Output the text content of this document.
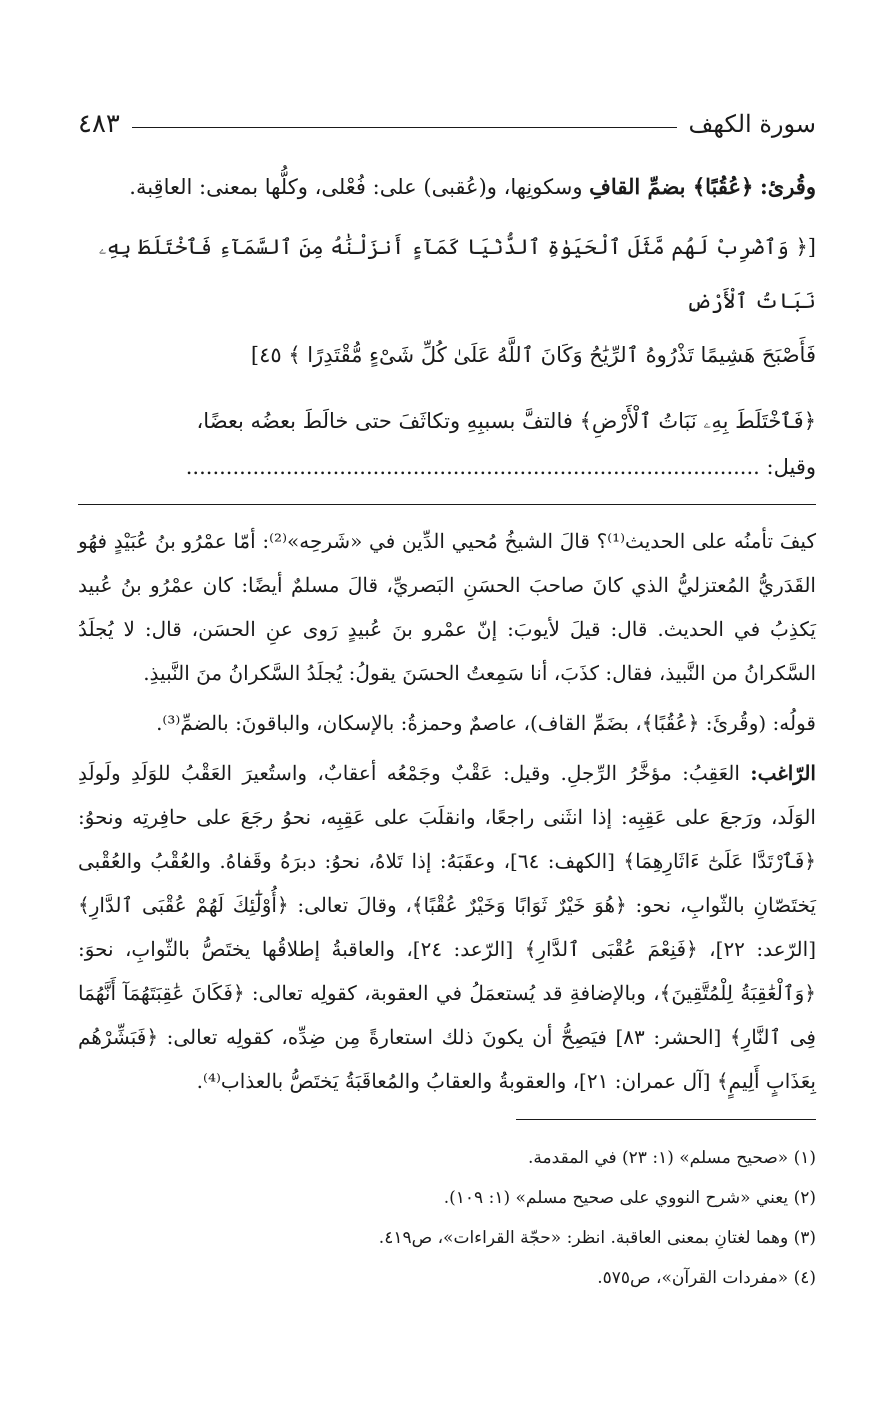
سورة الكهف
٤٨٣

وقُرئ: ﴿عُقُبًا﴾ بضمِّ القافِ وسكونِها، و(عُقبى) على: فُعْلى، وكلُّها بمعنى: العاقِبة.

[﴿ وَٱضْرِبْ لَهُم مَّثَلَ ٱلْحَيَوٰةِ ٱلدُّنْيَا كَمَآءٍ أَنزَلْنَٰهُ مِنَ ٱلسَّمَآءِ فَٱخْتَلَطَ بِهِۦ نَبَاتُ ٱلْأَرْضِ

فَأَصْبَحَ هَشِيمًا تَذْرُوهُ ٱلرِّيَٰحُ وَكَانَ ٱللَّهُ عَلَىٰ كُلِّ شَىْءٍ مُّقْتَدِرًا ﴾ ٤٥]

﴿فَٱخْتَلَطَ بِهِۦ نَبَاتُ ٱلْأَرْضِ﴾ فالتفَّ بسببِهِ وتكاثَفَ حتى خالَطَ بعضُه بعضًا،

وقيل: ......................................................................................

كيفَ تأمنُه على الحديث⁽¹⁾؟ قالَ الشيخُ مُحيي الدِّين في «شَرحِه»⁽²⁾: أمّا عمْرُو بنُ عُبَيْدٍ فهُو القَدَريُّ المُعتزليُّ الذي كانَ صاحبَ الحسَنِ البَصريِّ، قالَ مسلمٌ أيضًا: كان عمْرُو بنُ عُبيد يَكذِبُ في الحديث. قال: قيلَ لأيوبَ: إنّ عمْرو بنَ عُبيدٍ رَوى عنِ الحسَن، قال: لا يُجلَدُ السَّكرانُ من النَّبيذ، فقال: كذَبَ، أنا سَمِعتُ الحسَنَ يقولُ: يُجلَدُ السَّكرانُ منَ النَّبيذِ.

قولُه: (وقُرئَ: ﴿عُقُبًا﴾، بضَمِّ القاف)، عاصمٌ وحمزةُ: بالإسكان، والباقونَ: بالضمِّ⁽³⁾.

الرّاغب: العَقِبُ: مؤخَّرُ الرِّجلِ. وقيل: عَقْبٌ وجَمْعُه أعقابٌ، واستُعيرَ العَقْبُ للوَلَدِ ولَولَدِ الوَلَد، ورَجعَ على عَقِبِه: إذا انثَنى راجعًا، وانقلَبَ على عَقِبِه، نحوُ رجَعَ على حافِرتِه ونحوُ: ﴿فَٱرْتَدَّا عَلَىٰٓ ءَاثَارِهِمَا﴾ [الكهف: ٦٤]، وعقَبَهُ: إذا تَلاهُ، نحوُ: دبرَهُ وقَفاهُ. والعُقْبُ والعُقْبى يَختَصّانِ بالثّوابِ، نحو: ﴿هُوَ خَيْرٌ ثَوَابًا وَخَيْرٌ عُقْبًا﴾، وقالَ تعالى: ﴿أُوْلَٰٓئِكَ لَهُمْ عُقْبَى ٱلدَّارِ﴾ [الرّعد: ٢٢]، ﴿فَنِعْمَ عُقْبَى ٱلدَّارِ﴾ [الرّعد: ٢٤]، والعاقبةُ إطلاقُها يختَصُّ بالثّوابِ، نحوَ: ﴿وَٱلْعَٰقِبَةُ لِلْمُتَّقِينَ﴾، وبالإضافةِ قد يُستعمَلُ في العقوبة، كقولِه تعالى: ﴿فَكَانَ عَٰقِبَتَهُمَآ أَنَّهُمَا فِى ٱلنَّارِ﴾ [الحشر: ٨٣] فيَصِحُّ أن يكونَ ذلك استعارةً مِن ضِدِّه، كقولِه تعالى: ﴿فَبَشِّرْهُم بِعَذَابٍ أَلِيمٍ﴾ [آل عمران: ٢١]، والعقوبةُ والعقابُ والمُعاقَبَةُ يَختَصُّ بالعذاب⁽⁴⁾.

(١) «صحيح مسلم» (١: ٢٣) في المقدمة.

(٢) يعني «شرح النووي على صحيح مسلم» (١: ١٠٩).

(٣) وهما لغتانِ بمعنى العاقبة. انظر: «حجّة القراءات»، ص٤١٩.

(٤) «مفردات القرآن»، ص٥٧٥.
